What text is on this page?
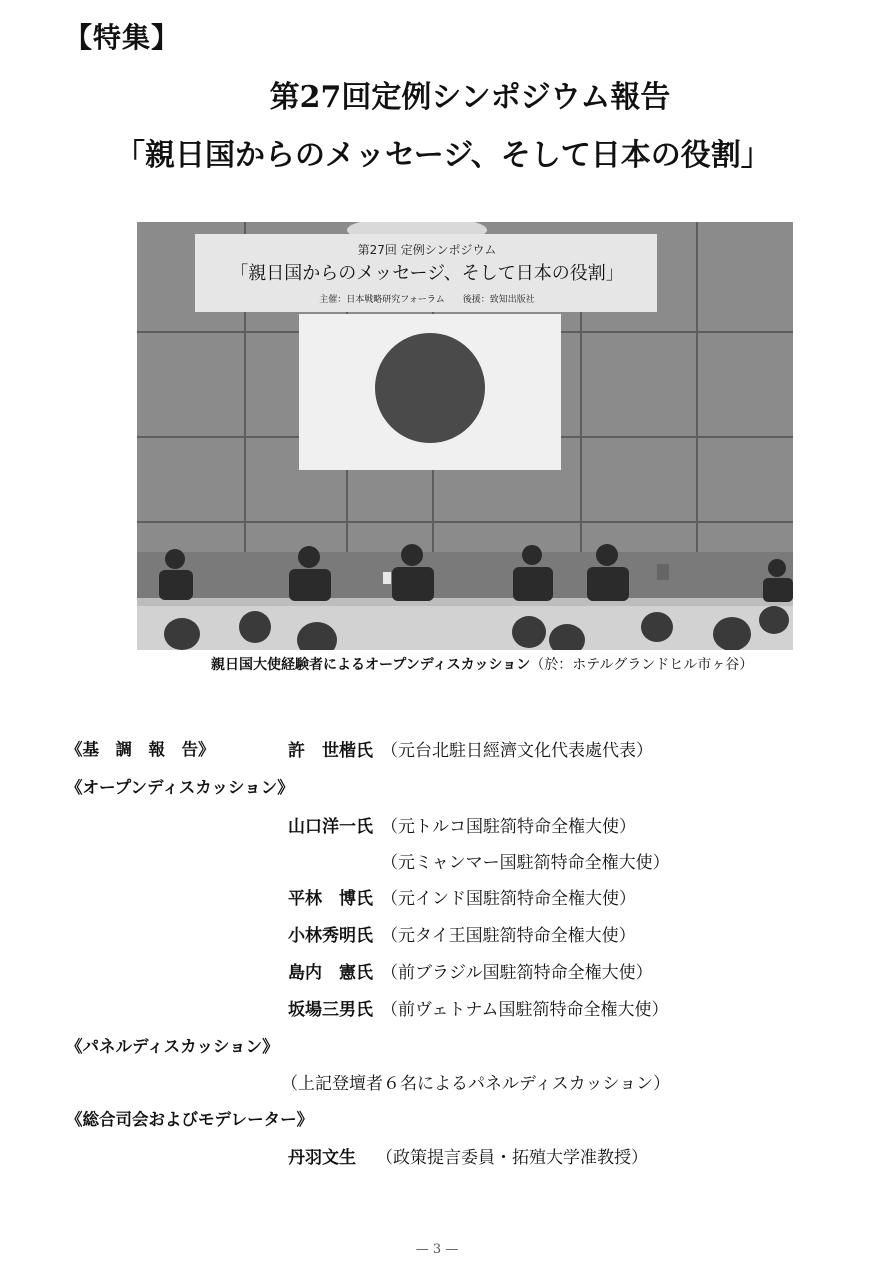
【特集】
第27回定例シンポジウム報告
「親日国からのメッセージ、そして日本の役割」
第27回 定例シンポジウム
「親日国からのメッセージ、そして日本の役割」
主催：日本戦略研究フォーラム　　後援：致知出版社
親日国大使経験者によるオープンディスカッション（於：ホテルグランドヒル市ヶ谷）
《基　調　報　告》	許　世楷氏 （元台北駐日經濟文化代表處代表）
《オープンディスカッション》
山口洋一氏 （元トルコ国駐箚特命全権大使）
（元ミャンマー国駐箚特命全権大使）
平林　博氏 （元インド国駐箚特命全権大使）
小林秀明氏 （元タイ王国駐箚特命全権大使）
島内　憲氏 （前ブラジル国駐箚特命全権大使）
坂場三男氏 （前ヴェトナム国駐箚特命全権大使）
《パネルディスカッション》
（上記登壇者６名によるパネルディスカッション）
《総合司会およびモデレーター》
丹羽文生 （政策提言委員・拓殖大学准教授）
— 3 —
